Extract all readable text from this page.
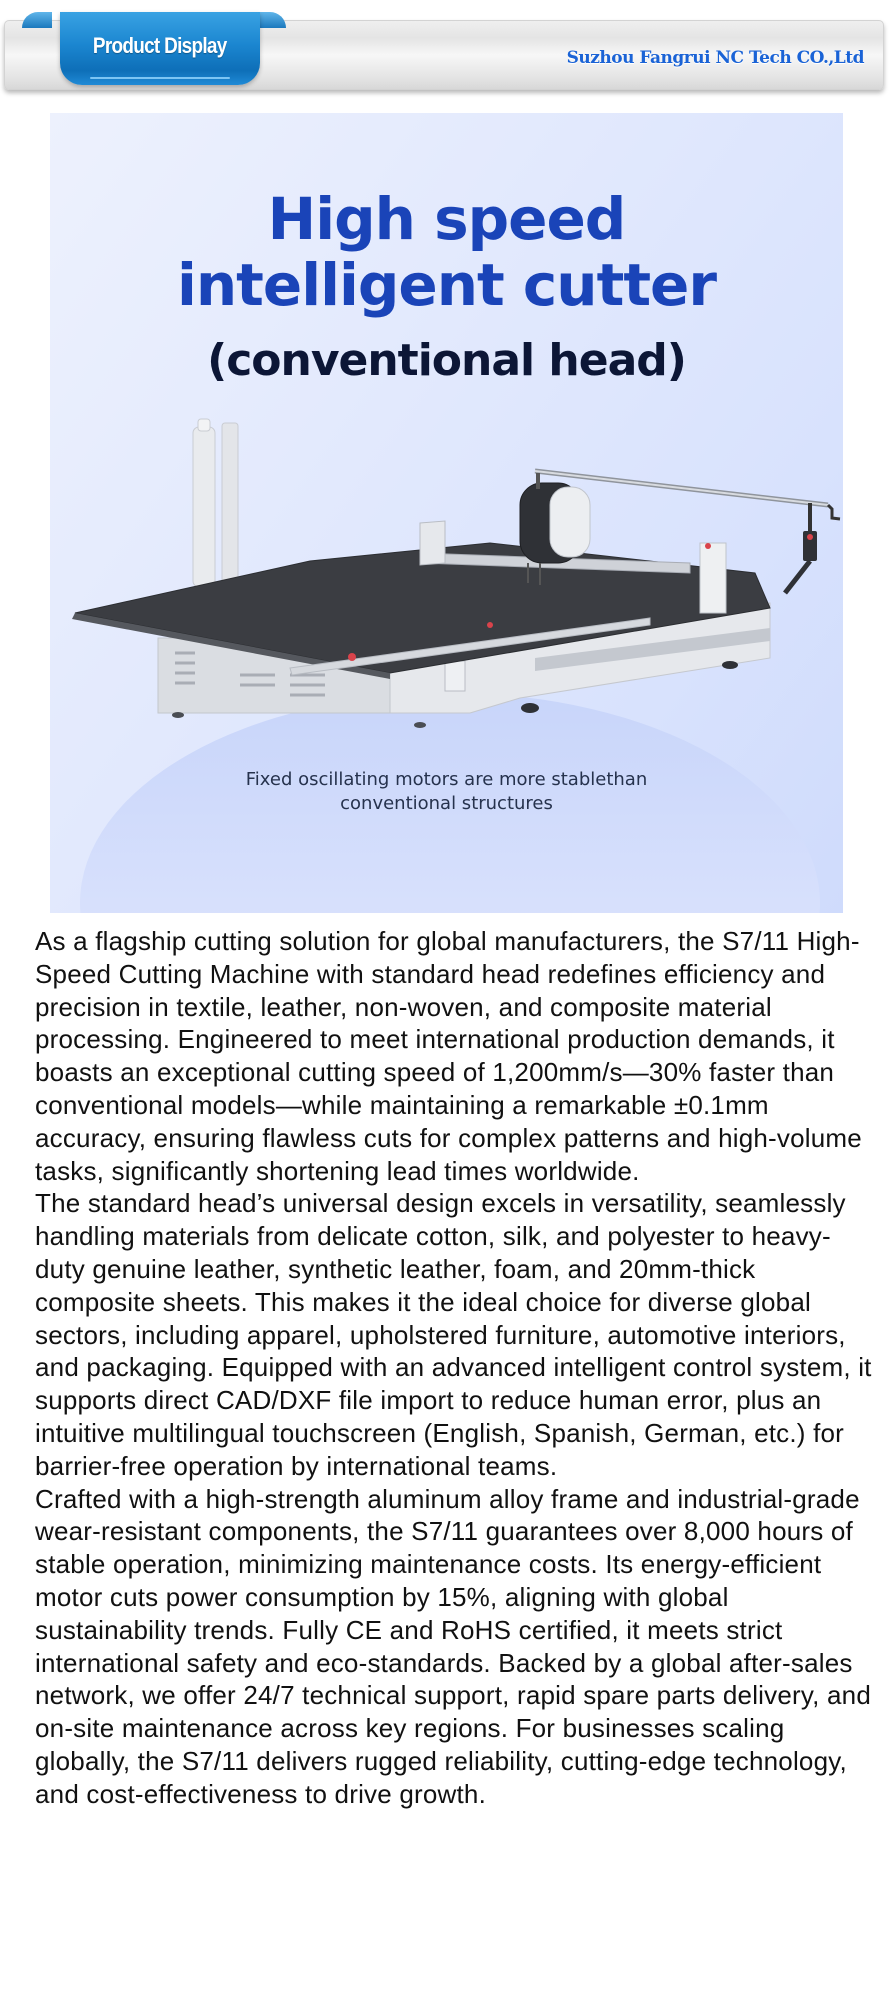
Product Display
Suzhou Fangrui NC Tech CO.,Ltd
High speed
intelligent cutter
(conventional head)
Fixed oscillating motors are more stablethan
conventional structures

As a flagship cutting solution for global manufacturers, the S7/11 High-Speed Cutting Machine with standard head redefines efficiency and precision in textile, leather, non-woven, and composite material processing. Engineered to meet international production demands, it boasts an exceptional cutting speed of 1,200mm/s—30% faster than conventional models—while maintaining a remarkable ±0.1mm accuracy, ensuring flawless cuts for complex patterns and high-volume tasks, significantly shortening lead times worldwide.

The standard head’s universal design excels in versatility, seamlessly handling materials from delicate cotton, silk, and polyester to heavy-duty genuine leather, synthetic leather, foam, and 20mm-thick composite sheets. This makes it the ideal choice for diverse global sectors, including apparel, upholstered furniture, automotive interiors, and packaging. Equipped with an advanced intelligent control system, it supports direct CAD/DXF file import to reduce human error, plus an intuitive multilingual touchscreen (English, Spanish, German, etc.) for barrier-free operation by international teams.

Crafted with a high-strength aluminum alloy frame and industrial-grade wear-resistant components, the S7/11 guarantees over 8,000 hours of stable operation, minimizing maintenance costs. Its energy-efficient motor cuts power consumption by 15%, aligning with global sustainability trends. Fully CE and RoHS certified, it meets strict international safety and eco-standards. Backed by a global after-sales network, we offer 24/7 technical support, rapid spare parts delivery, and on-site maintenance across key regions. For businesses scaling globally, the S7/11 delivers rugged reliability, cutting-edge technology, and cost-effectiveness to drive growth.
